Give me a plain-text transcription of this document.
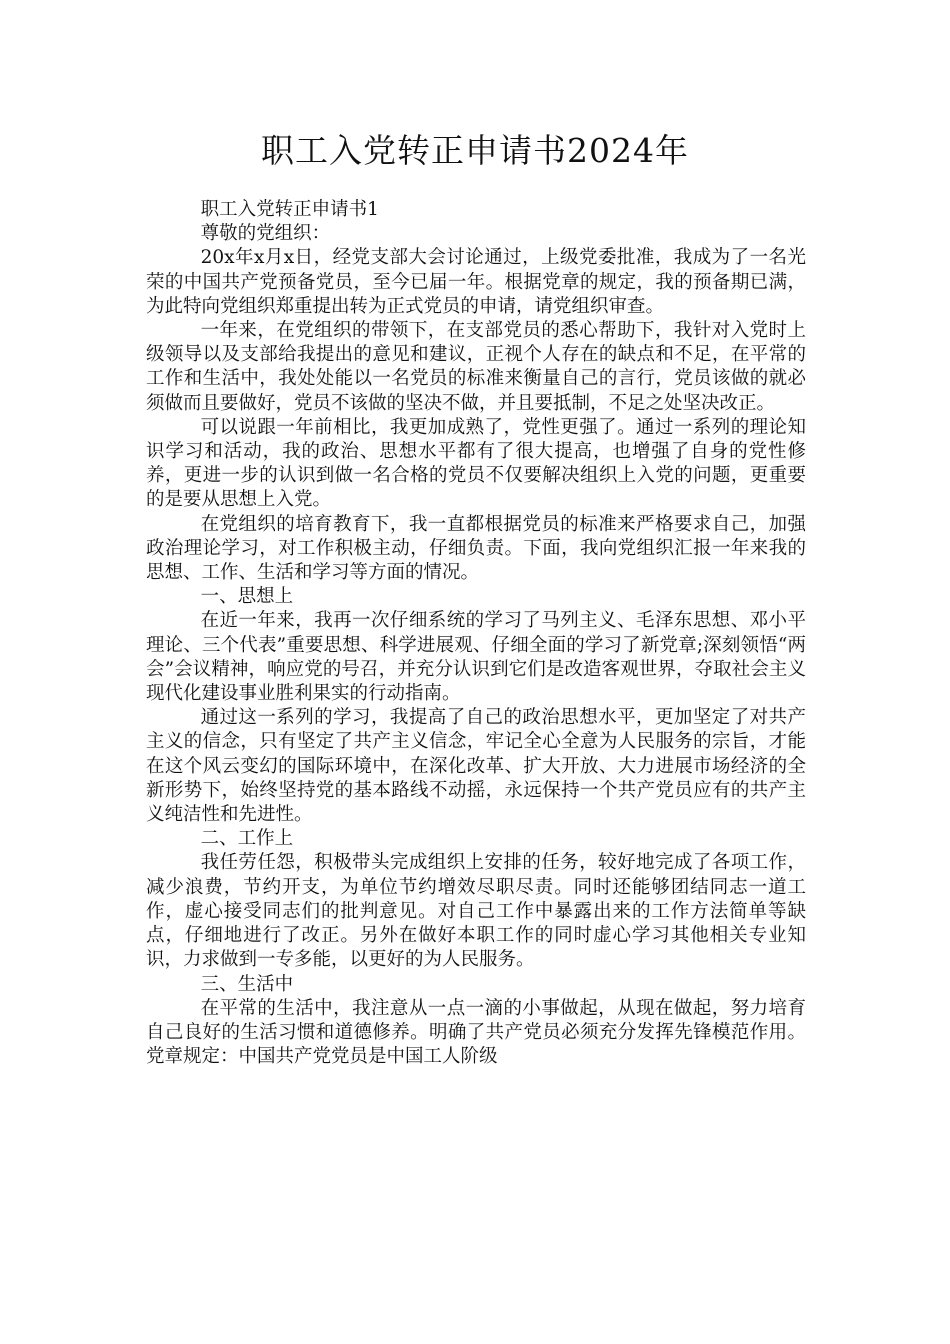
职工入党转正申请书2024年

职工入党转正申请书1

尊敬的党组织：

20x年x月x日，经党支部大会讨论通过，上级党委批准，我成为了一名光荣的中国共产党预备党员，至今已届一年。根据党章的规定，我的预备期已满，为此特向党组织郑重提出转为正式党员的申请，请党组织审查。

一年来，在党组织的带领下，在支部党员的悉心帮助下，我针对入党时上级领导以及支部给我提出的意见和建议，正视个人存在的缺点和不足，在平常的工作和生活中，我处处能以一名党员的标准来衡量自己的言行，党员该做的就必须做而且要做好，党员不该做的坚决不做，并且要抵制，不足之处坚决改正。

可以说跟一年前相比，我更加成熟了，党性更强了。通过一系列的理论知识学习和活动，我的政治、思想水平都有了很大提高，也增强了自身的党性修养，更进一步的认识到做一名合格的党员不仅要解决组织上入党的问题，更重要的是要从思想上入党。

在党组织的培育教育下，我一直都根据党员的标准来严格要求自己，加强政治理论学习，对工作积极主动，仔细负责。下面，我向党组织汇报一年来我的思想、工作、生活和学习等方面的情况。

一、思想上

在近一年来，我再一次仔细系统的学习了马列主义、毛泽东思想、邓小平理论、三个代表”重要思想、科学进展观、仔细全面的学习了新党章;深刻领悟“两会”会议精神，响应党的号召，并充分认识到它们是改造客观世界，夺取社会主义现代化建设事业胜利果实的行动指南。

通过这一系列的学习，我提高了自己的政治思想水平，更加坚定了对共产主义的信念，只有坚定了共产主义信念，牢记全心全意为人民服务的宗旨，才能在这个风云变幻的国际环境中，在深化改革、扩大开放、大力进展市场经济的全新形势下，始终坚持党的基本路线不动摇，永远保持一个共产党员应有的共产主义纯洁性和先进性。

二、工作上

我任劳任怨，积极带头完成组织上安排的任务，较好地完成了各项工作，减少浪费，节约开支，为单位节约增效尽职尽责。同时还能够团结同志一道工作，虚心接受同志们的批判意见。对自己工作中暴露出来的工作方法简单等缺点，仔细地进行了改正。另外在做好本职工作的同时虚心学习其他相关专业知识，力求做到一专多能，以更好的为人民服务。

三、生活中

在平常的生活中，我注意从一点一滴的小事做起，从现在做起，努力培育自己良好的生活习惯和道德修养。明确了共产党员必须充分发挥先锋模范作用。党章规定：中国共产党党员是中国工人阶级
